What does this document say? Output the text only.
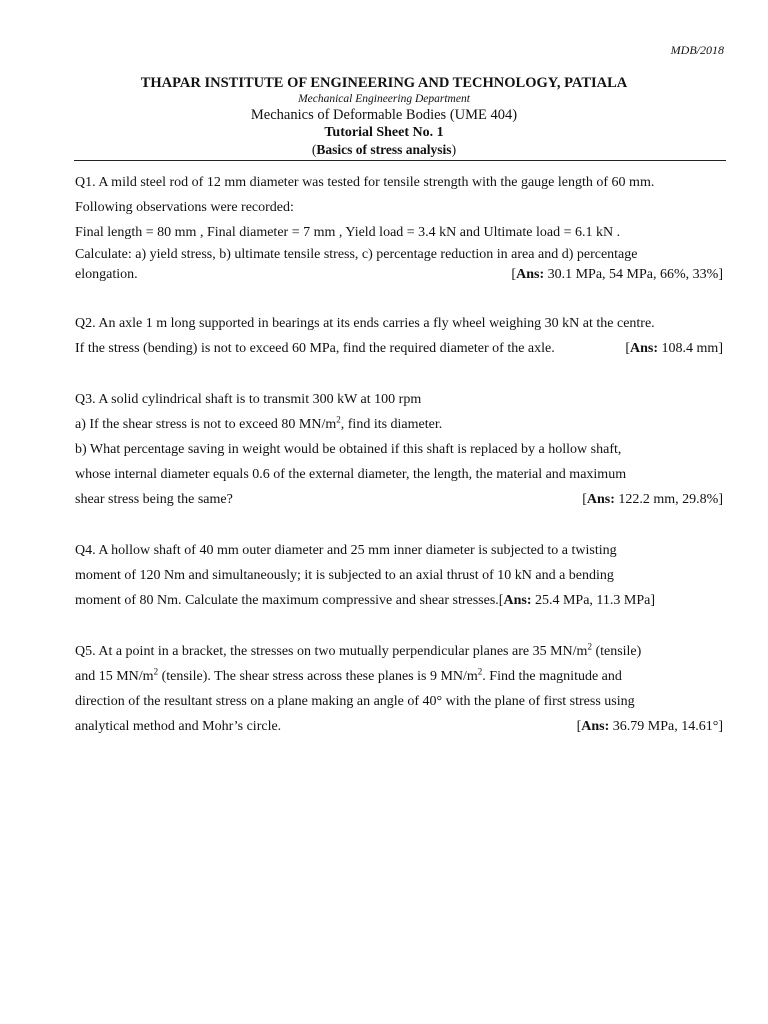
MDB/2018
THAPAR INSTITUTE OF ENGINEERING AND TECHNOLOGY, PATIALA
Mechanical Engineering Department
Mechanics of Deformable Bodies (UME 404)
Tutorial Sheet No. 1
(Basics of stress analysis)

Q1. A mild steel rod of 12 mm diameter was tested for tensile strength with the gauge length of 60 mm.

Following observations were recorded:

Final length = 80 mm , Final diameter = 7 mm , Yield load = 3.4 kN and Ultimate load = 6.1 kN .

Calculate: a) yield stress, b) ultimate tensile stress, c) percentage reduction in area and d) percentage

elongation.	[Ans: 30.1 MPa, 54 MPa, 66%, 33%]

Q2. An axle 1 m long supported in bearings at its ends carries a fly wheel weighing 30 kN at the centre.

If the stress (bending) is not to exceed 60 MPa, find the required diameter of the axle.	[Ans: 108.4 mm]

Q3. A solid cylindrical shaft is to transmit 300 kW at 100 rpm

a) If the shear stress is not to exceed 80 $MN/m^2$, find its diameter.

b) What percentage saving in weight would be obtained if this shaft is replaced by a hollow shaft,

whose internal diameter equals 0.6 of the external diameter, the length, the material and maximum

shear stress being the same?	[Ans: 122.2 mm, 29.8%]

Q4. A hollow shaft of 40 mm outer diameter and 25 mm inner diameter is subjected to a twisting

moment of 120 Nm and simultaneously; it is subjected to an axial thrust of 10 kN and a bending

moment of 80 Nm. Calculate the maximum compressive and shear stresses.[Ans: 25.4 MPa, 11.3 MPa]

Q5. At a point in a bracket, the stresses on two mutually perpendicular planes are 35 $MN/m^2$ (tensile)

and 15 $MN/m^2$ (tensile). The shear stress across these planes is 9 $MN/m^2$. Find the magnitude and

direction of the resultant stress on a plane making an angle of 40° with the plane of first stress using

analytical method and Mohr’s circle.	[Ans: 36.79 MPa, 14.61°]
